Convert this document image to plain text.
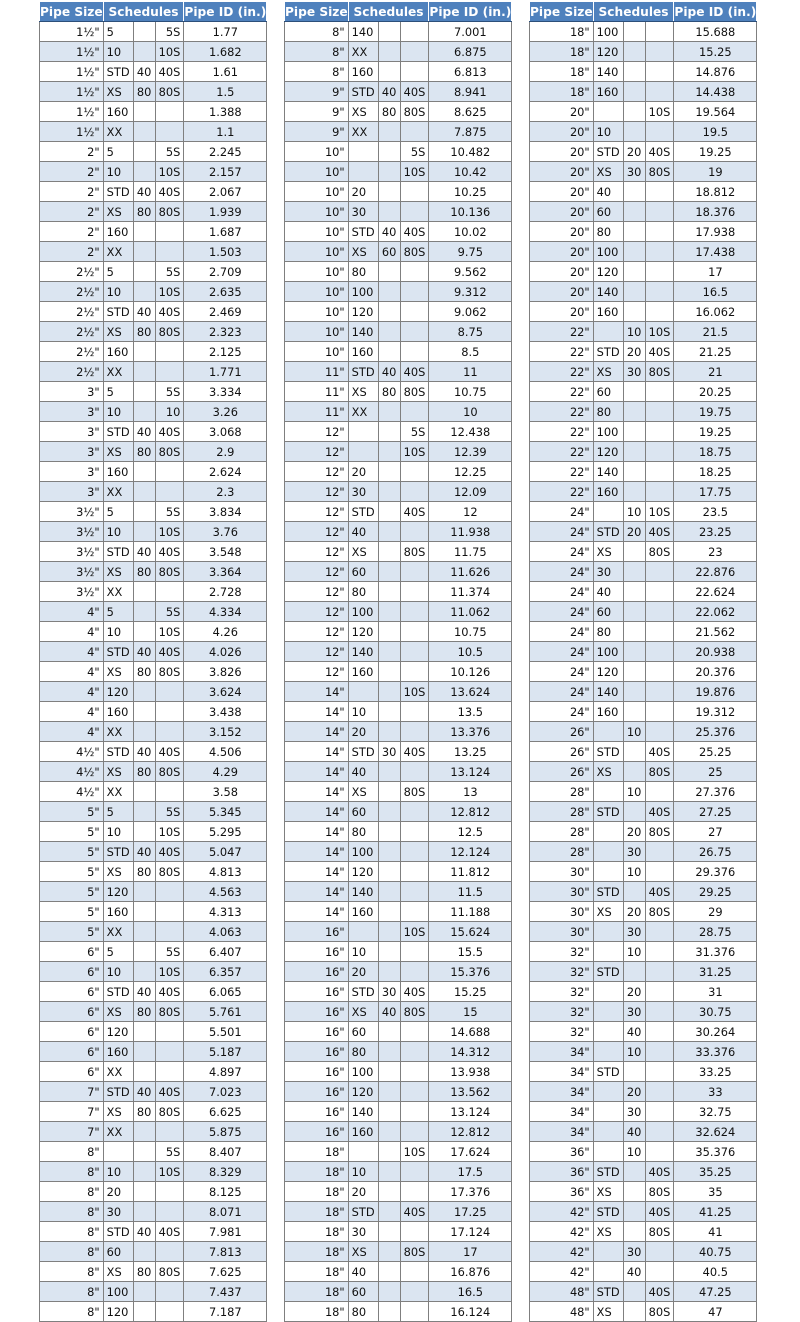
Pipe Size	Schedules			Pipe ID (in.)
1½"	5		5S	1.77
1½"	10		10S	1.682
1½"	STD	40	40S	1.61
1½"	XS	80	80S	1.5
1½"	160			1.388
1½"	XX			1.1
2"	5		5S	2.245
2"	10		10S	2.157
2"	STD	40	40S	2.067
2"	XS	80	80S	1.939
2"	160			1.687
2"	XX			1.503
2½"	5		5S	2.709
2½"	10		10S	2.635
2½"	STD	40	40S	2.469
2½"	XS	80	80S	2.323
2½"	160			2.125
2½"	XX			1.771
3"	5		5S	3.334
3"	10		10	3.26
3"	STD	40	40S	3.068
3"	XS	80	80S	2.9
3"	160			2.624
3"	XX			2.3
3½"	5		5S	3.834
3½"	10		10S	3.76
3½"	STD	40	40S	3.548
3½"	XS	80	80S	3.364
3½"	XX			2.728
4"	5		5S	4.334
4"	10		10S	4.26
4"	STD	40	40S	4.026
4"	XS	80	80S	3.826
4"	120			3.624
4"	160			3.438
4"	XX			3.152
4½"	STD	40	40S	4.506
4½"	XS	80	80S	4.29
4½"	XX			3.58
5"	5		5S	5.345
5"	10		10S	5.295
5"	STD	40	40S	5.047
5"	XS	80	80S	4.813
5"	120			4.563
5"	160			4.313
5"	XX			4.063
6"	5		5S	6.407
6"	10		10S	6.357
6"	STD	40	40S	6.065
6"	XS	80	80S	5.761
6"	120			5.501
6"	160			5.187
6"	XX			4.897
7"	STD	40	40S	7.023
7"	XS	80	80S	6.625
7"	XX			5.875
8"			5S	8.407
8"	10		10S	8.329
8"	20			8.125
8"	30			8.071
8"	STD	40	40S	7.981
8"	60			7.813
8"	XS	80	80S	7.625
8"	100			7.437
8"	120			7.187
Pipe Size	Schedules			Pipe ID (in.)
8"	140			7.001
8"	XX			6.875
8"	160			6.813
9"	STD	40	40S	8.941
9"	XS	80	80S	8.625
9"	XX			7.875
10"			5S	10.482
10"			10S	10.42
10"	20			10.25
10"	30			10.136
10"	STD	40	40S	10.02
10"	XS	60	80S	9.75
10"	80			9.562
10"	100			9.312
10"	120			9.062
10"	140			8.75
10"	160			8.5
11"	STD	40	40S	11
11"	XS	80	80S	10.75
11"	XX			10
12"			5S	12.438
12"			10S	12.39
12"	20			12.25
12"	30			12.09
12"	STD		40S	12
12"	40			11.938
12"	XS		80S	11.75
12"	60			11.626
12"	80			11.374
12"	100			11.062
12"	120			10.75
12"	140			10.5
12"	160			10.126
14"			10S	13.624
14"	10			13.5
14"	20			13.376
14"	STD	30	40S	13.25
14"	40			13.124
14"	XS		80S	13
14"	60			12.812
14"	80			12.5
14"	100			12.124
14"	120			11.812
14"	140			11.5
14"	160			11.188
16"			10S	15.624
16"	10			15.5
16"	20			15.376
16"	STD	30	40S	15.25
16"	XS	40	80S	15
16"	60			14.688
16"	80			14.312
16"	100			13.938
16"	120			13.562
16"	140			13.124
16"	160			12.812
18"			10S	17.624
18"	10			17.5
18"	20			17.376
18"	STD		40S	17.25
18"	30			17.124
18"	XS		80S	17
18"	40			16.876
18"	60			16.5
18"	80			16.124
Pipe Size	Schedules			Pipe ID (in.)
18"	100			15.688
18"	120			15.25
18"	140			14.876
18"	160			14.438
20"			10S	19.564
20"	10			19.5
20"	STD	20	40S	19.25
20"	XS	30	80S	19
20"	40			18.812
20"	60			18.376
20"	80			17.938
20"	100			17.438
20"	120			17
20"	140			16.5
20"	160			16.062
22"		10	10S	21.5
22"	STD	20	40S	21.25
22"	XS	30	80S	21
22"	60			20.25
22"	80			19.75
22"	100			19.25
22"	120			18.75
22"	140			18.25
22"	160			17.75
24"		10	10S	23.5
24"	STD	20	40S	23.25
24"	XS		80S	23
24"	30			22.876
24"	40			22.624
24"	60			22.062
24"	80			21.562
24"	100			20.938
24"	120			20.376
24"	140			19.876
24"	160			19.312
26"		10		25.376
26"	STD		40S	25.25
26"	XS		80S	25
28"		10		27.376
28"	STD		40S	27.25
28"		20	80S	27
28"		30		26.75
30"		10		29.376
30"	STD		40S	29.25
30"	XS	20	80S	29
30"		30		28.75
32"		10		31.376
32"	STD			31.25
32"		20		31
32"		30		30.75
32"		40		30.264
34"		10		33.376
34"	STD			33.25
34"		20		33
34"		30		32.75
34"		40		32.624
36"		10		35.376
36"	STD		40S	35.25
36"	XS		80S	35
42"	STD		40S	41.25
42"	XS		80S	41
42"		30		40.75
42"		40		40.5
48"	STD		40S	47.25
48"	XS		80S	47
